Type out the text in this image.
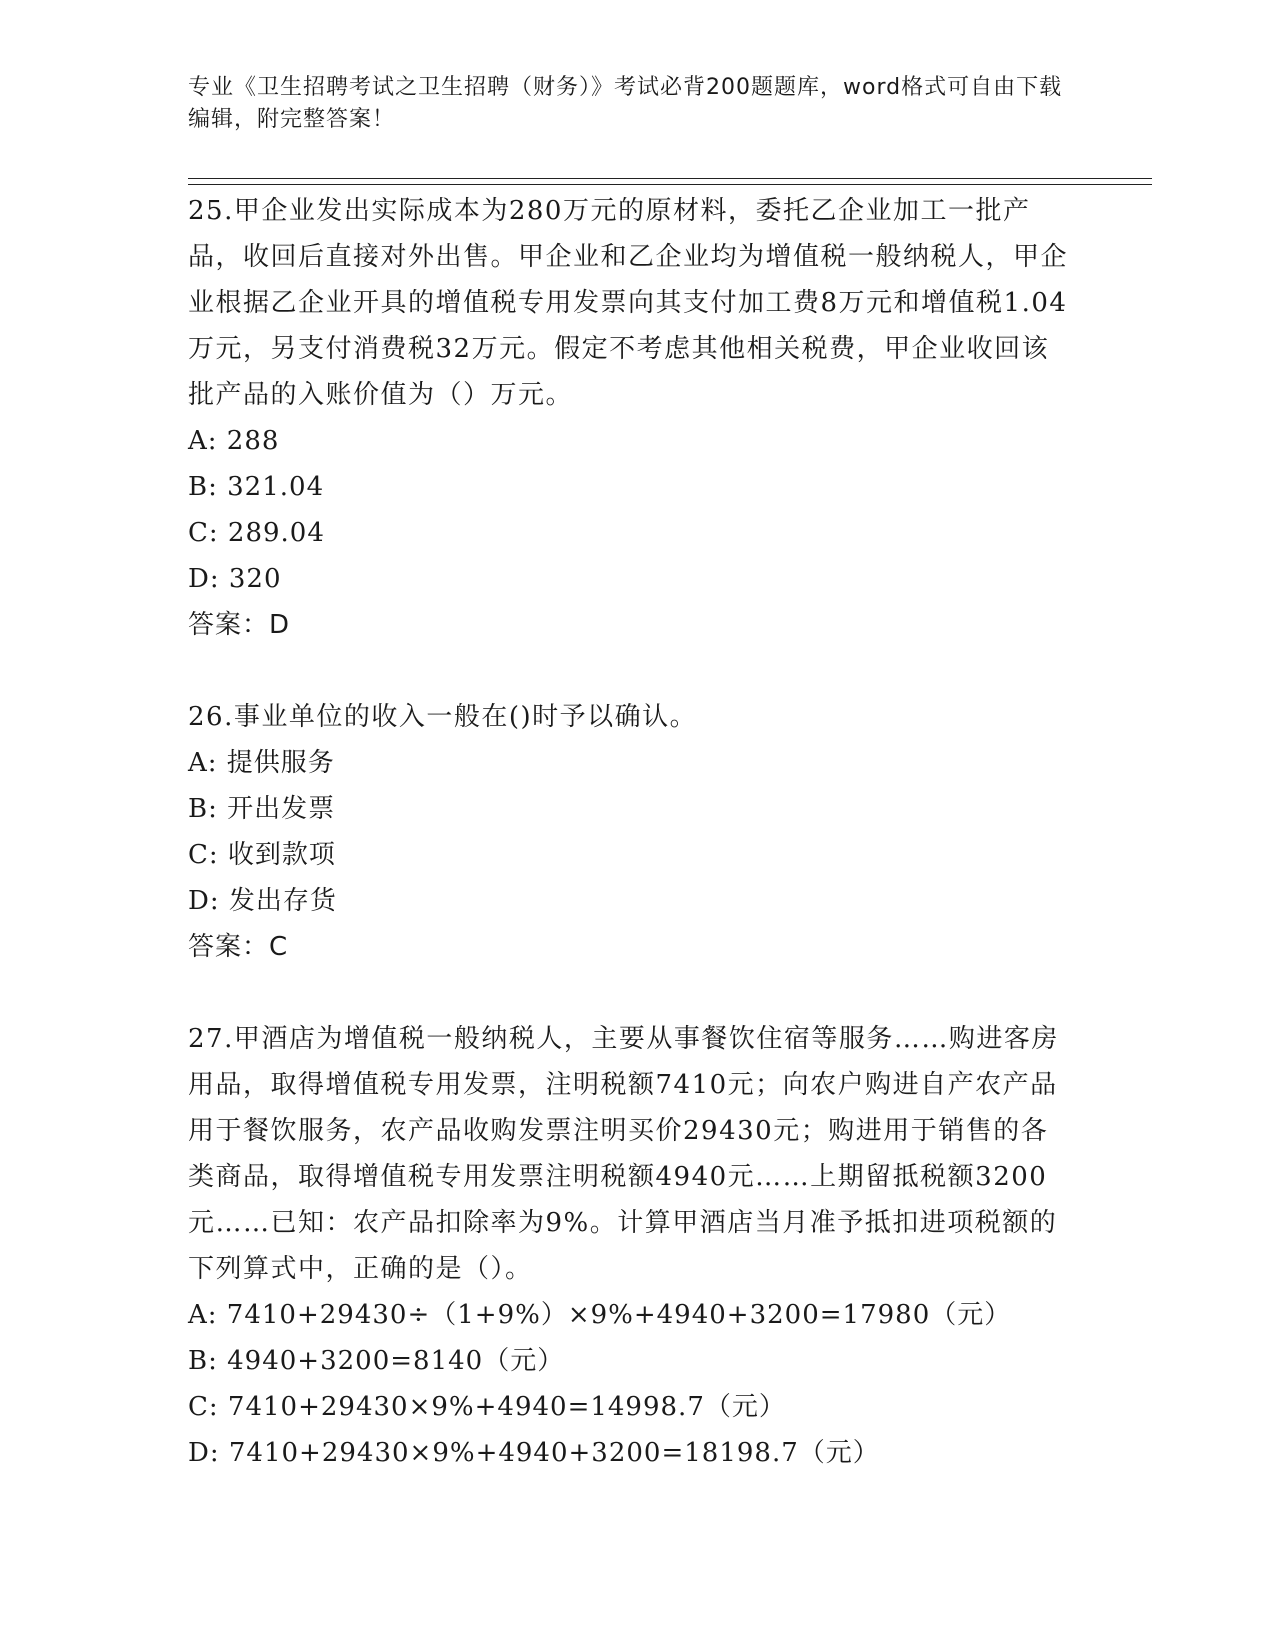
专业《卫生招聘考试之卫生招聘（财务）》考试必背200题题库，word格式可自由下载编辑，附完整答案！
25.甲企业发出实际成本为280万元的原材料，委托乙企业加工一批产品，收回后直接对外出售。甲企业和乙企业均为增值税一般纳税人，甲企业根据乙企业开具的增值税专用发票向其支付加工费8万元和增值税1.04万元，另支付消费税32万元。假定不考虑其他相关税费，甲企业收回该批产品的入账价值为（）万元。
A: 288
B: 321.04
C: 289.04
D: 320
答案：D
26.事业单位的收入一般在()时予以确认。
A: 提供服务
B: 开出发票
C: 收到款项
D: 发出存货
答案：C
27.甲酒店为增值税一般纳税人，主要从事餐饮住宿等服务……购进客房用品，取得增值税专用发票，注明税额7410元；向农户购进自产农产品用于餐饮服务，农产品收购发票注明买价29430元；购进用于销售的各类商品，取得增值税专用发票注明税额4940元……上期留抵税额3200元……已知：农产品扣除率为9%。计算甲酒店当月准予抵扣进项税额的下列算式中，正确的是（）。
A: 7410+29430÷（1+9%）×9%+4940+3200=17980（元）
B: 4940+3200=8140（元）
C: 7410+29430×9%+4940=14998.7（元）
D: 7410+29430×9%+4940+3200=18198.7（元）
